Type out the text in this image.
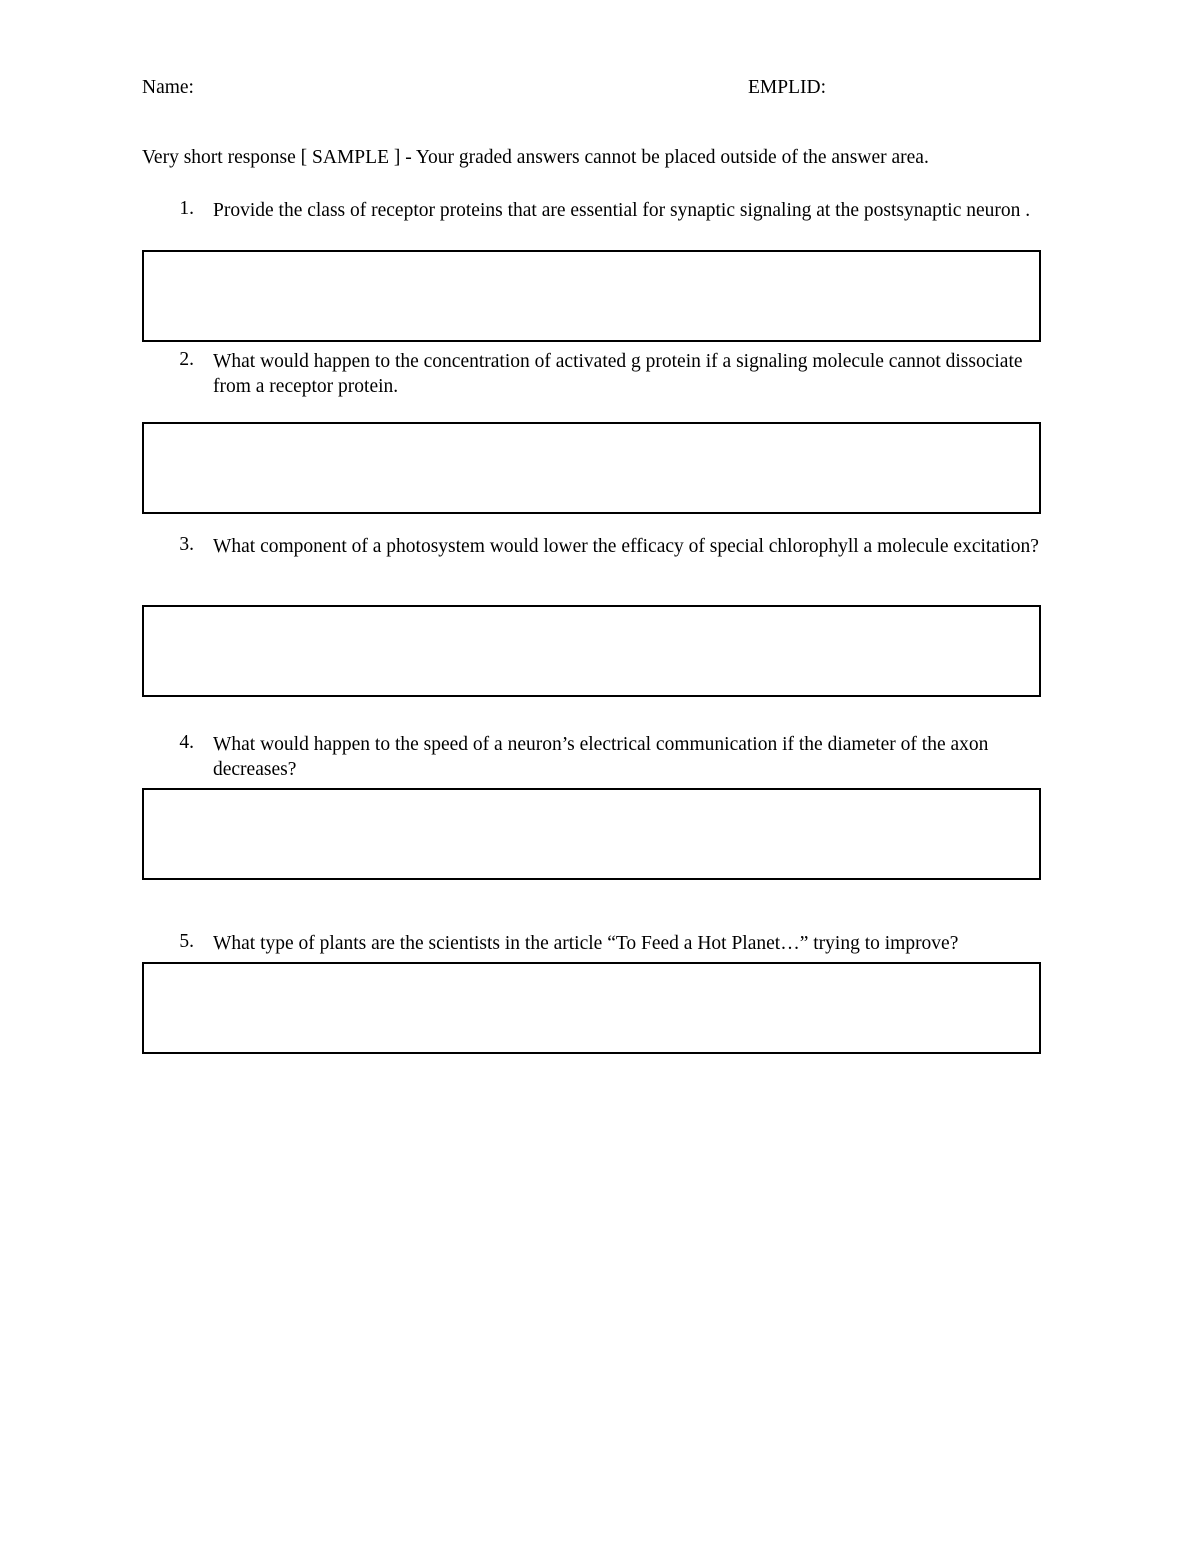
Name:	EMPLID:
Very short response [ SAMPLE ] - Your graded answers cannot be placed outside of the answer area.
1. Provide the class of receptor proteins that are essential for synaptic signaling at the postsynaptic neuron .
2. What would happen to the concentration of activated g protein if a signaling molecule cannot dissociate from a receptor protein.
3. What component of a photosystem would lower the efficacy of special chlorophyll a molecule excitation?
4. What would happen to the speed of a neuron’s electrical communication if the diameter of the axon decreases?
5. What type of plants are the scientists in the article “To Feed a Hot Planet…” trying to improve?
